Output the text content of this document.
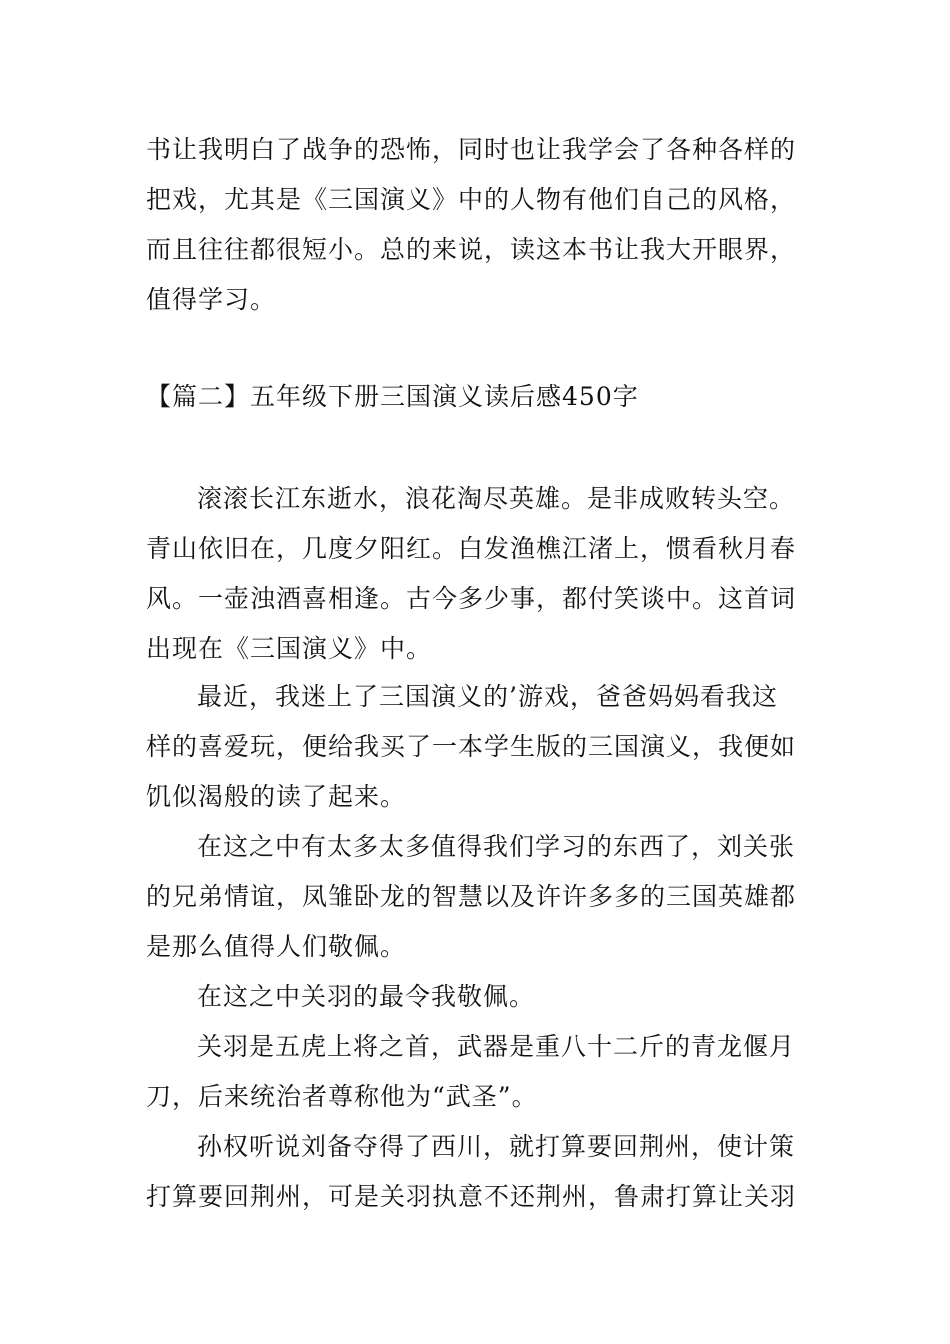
书让我明白了战争的恐怖，同时也让我学会了各种各样的
把戏，尤其是《三国演义》中的人物有他们自己的风格，
而且往往都很短小。总的来说，读这本书让我大开眼界，
值得学习。
【篇二】五年级下册三国演义读后感450字
滚滚长江东逝水，浪花淘尽英雄。是非成败转头空。
青山依旧在，几度夕阳红。白发渔樵江渚上，惯看秋月春
风。一壶浊酒喜相逢。古今多少事，都付笑谈中。这首词
出现在《三国演义》中。
最近，我迷上了三国演义的’游戏，爸爸妈妈看我这
样的喜爱玩，便给我买了一本学生版的三国演义，我便如
饥似渴般的读了起来。
在这之中有太多太多值得我们学习的东西了，刘关张
的兄弟情谊，凤雏卧龙的智慧以及许许多多的三国英雄都
是那么值得人们敬佩。
在这之中关羽的最令我敬佩。
关羽是五虎上将之首，武器是重八十二斤的青龙偃月
刀，后来统治者尊称他为“武圣”。
孙权听说刘备夺得了西川，就打算要回荆州，使计策
打算要回荆州，可是关羽执意不还荆州，鲁肃打算让关羽
